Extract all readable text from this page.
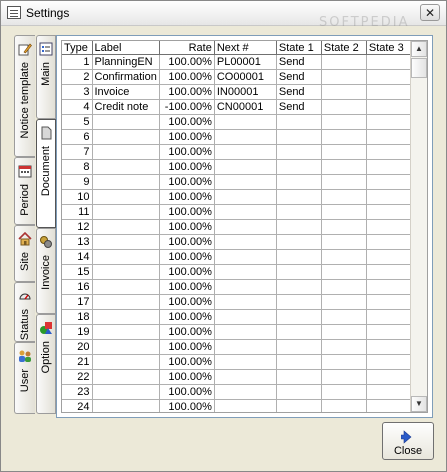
Settings	✕
SOFTPEDIA
User
Status
Site
Period
Notice template Main
Document
Invoice
Option
Type	Label	Rate	Next #	State 1	State 2	State 3
1	PlanningEN	100.00%	PL00001	Send		
2	Confirmation	100.00%	CO00001	Send		
3	Invoice	100.00%	IN00001	Send		
4	Credit note	-100.00%	CN00001	Send		
5		100.00%				
6		100.00%				
7		100.00%				
8		100.00%				
9		100.00%				
10		100.00%				
11		100.00%				
12		100.00%				
13		100.00%				
14		100.00%				
15		100.00%				
16		100.00%				
17		100.00%				
18		100.00%				
19		100.00%				
20		100.00%				
21		100.00%				
22		100.00%				
23		100.00%				
24		100.00%				
▲
▼
Close
